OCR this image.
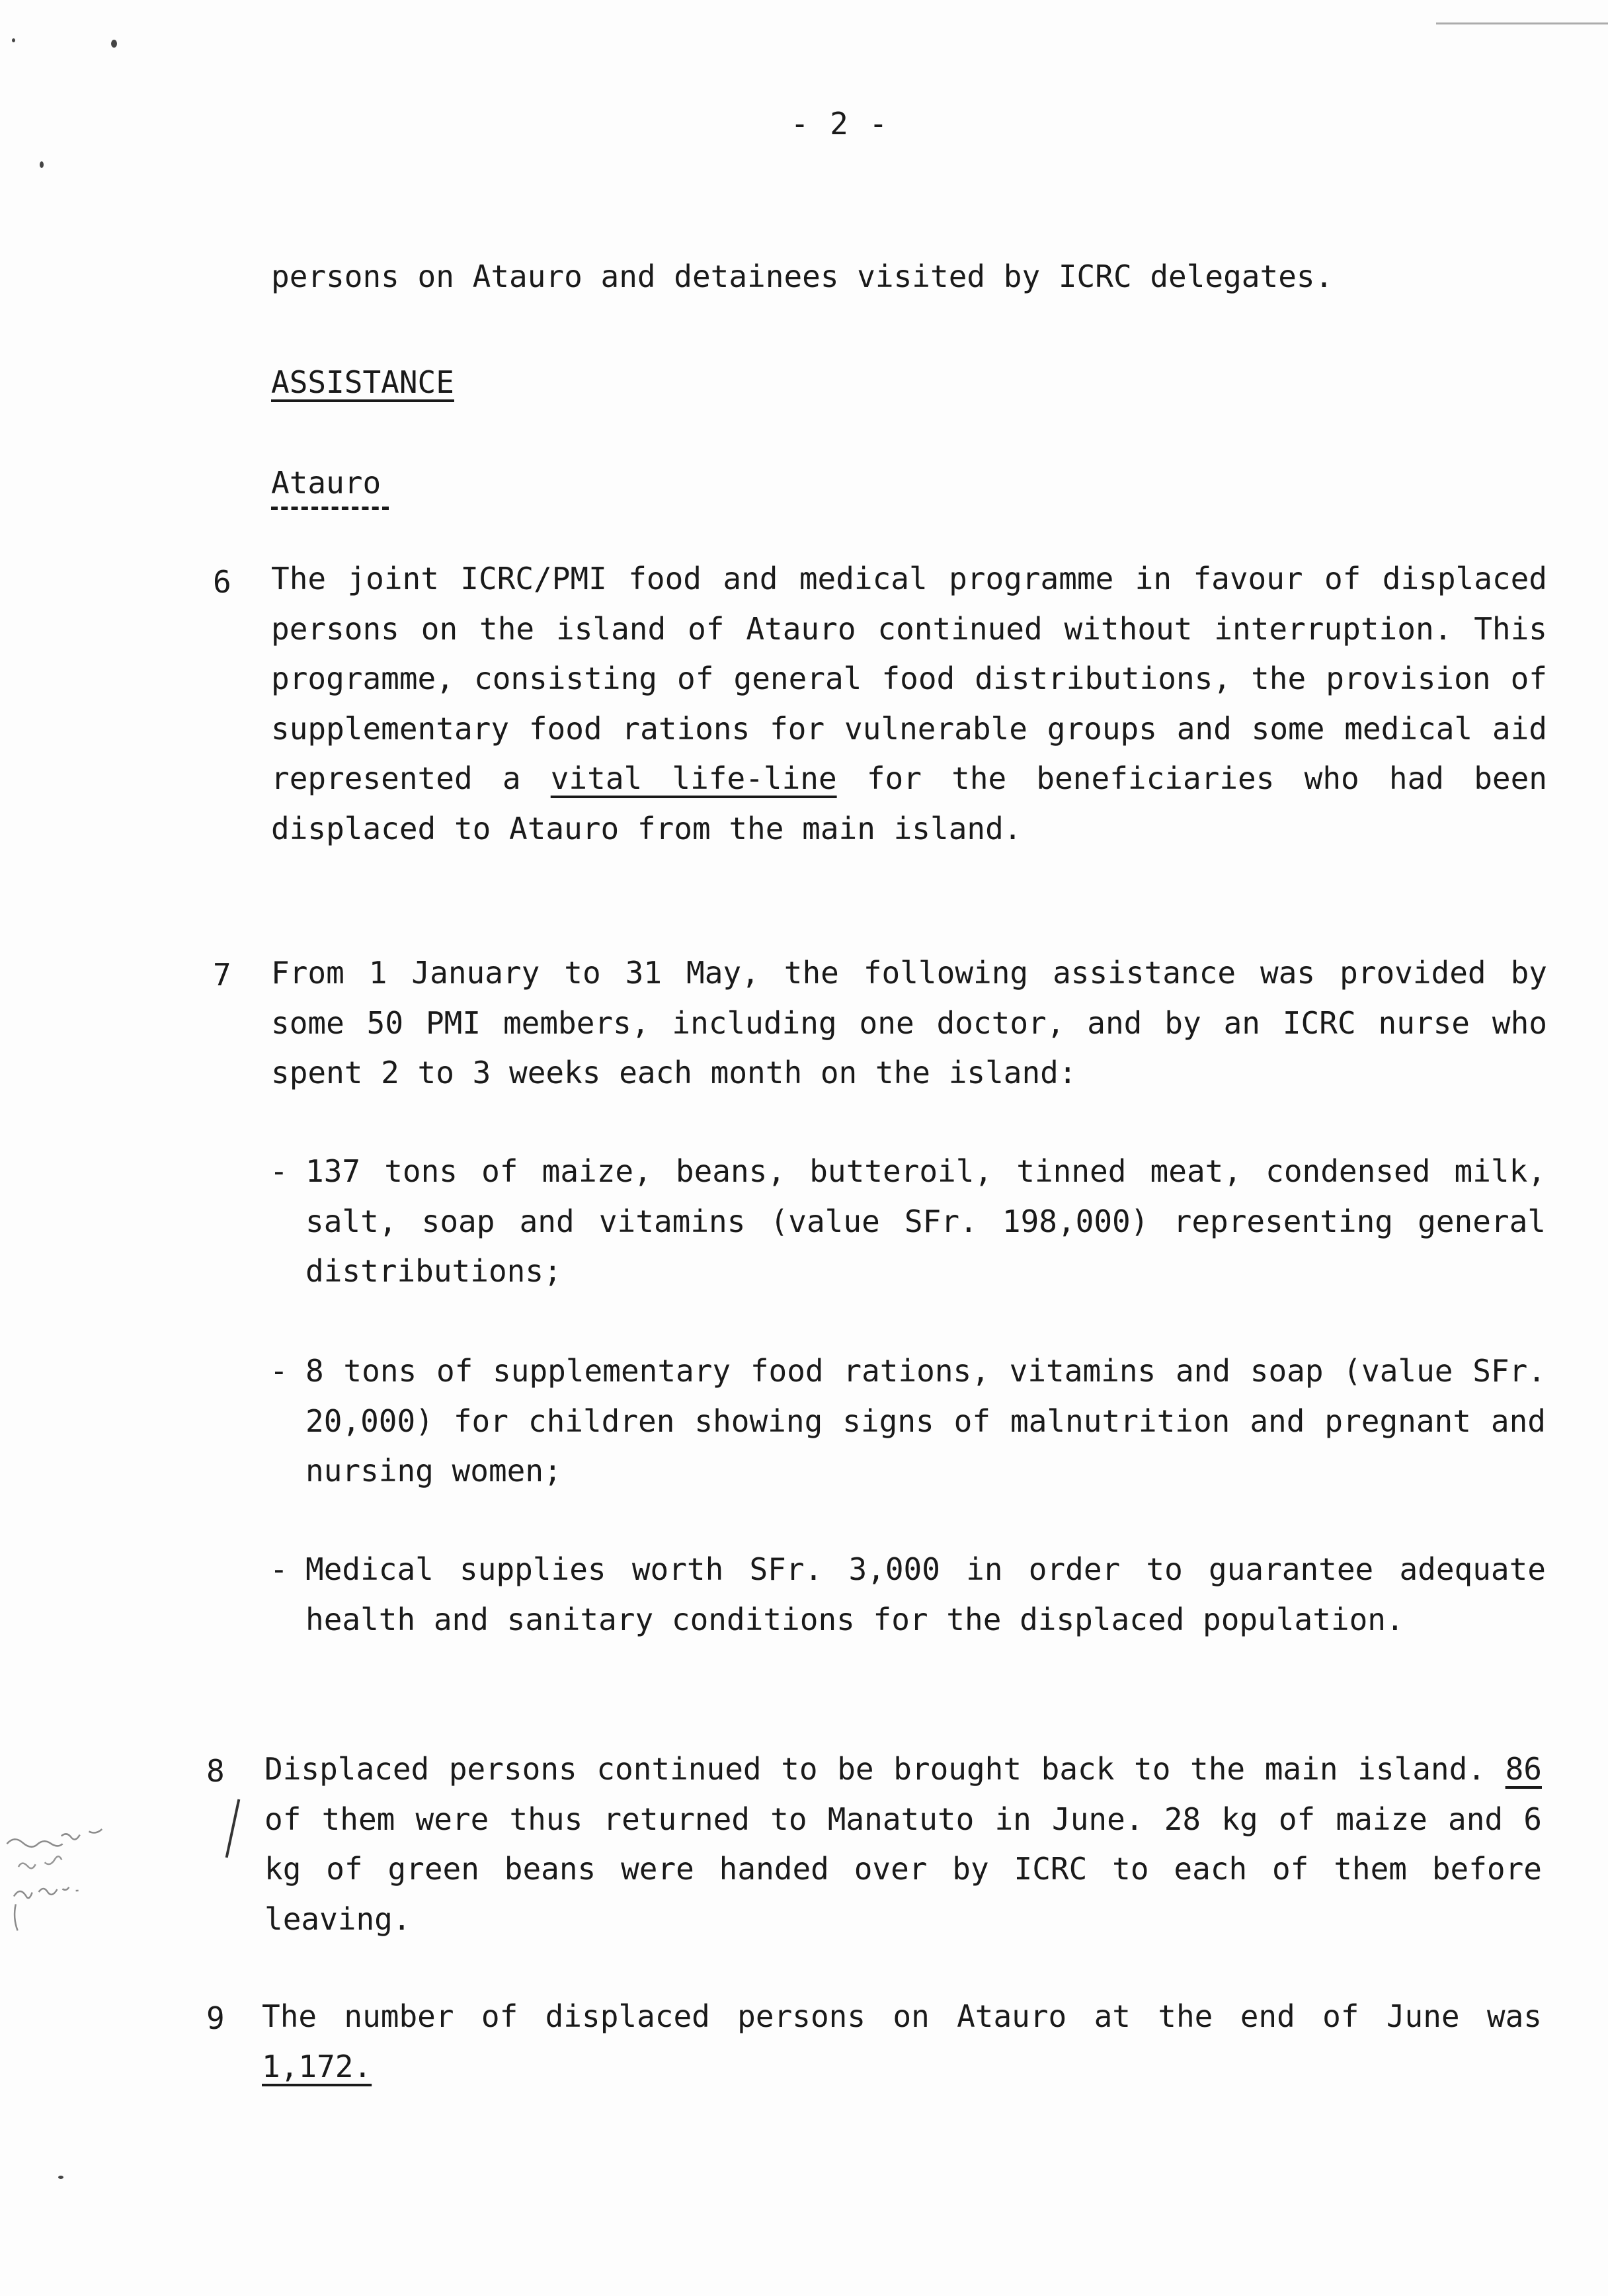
- 2 -
persons on Atauro and detainees visited by ICRC delegates.
ASSISTANCE
Atauro
6 The joint ICRC/PMI food and medical programme in favour of displaced persons on the island of Atauro continued without interruption. This programme, consisting of general food distributions, the provision of supplementary food rations for vulnerable groups and some medical aid represented a vital life-line for the beneficiaries who had been displaced to Atauro from the main island.
7 From 1 January to 31 May, the following assistance was provided by some 50 PMI members, including one doctor, and by an ICRC nurse who spent 2 to 3 weeks each month on the island:
- 137 tons of maize, beans, butteroil, tinned meat, condensed milk, salt, soap and vitamins (value SFr. 198,000) representing general distributions;
- 8 tons of supplementary food rations, vitamins and soap (value SFr. 20,000) for children showing signs of malnutrition and pregnant and nursing women;
- Medical supplies worth SFr. 3,000 in order to guarantee adequate health and sanitary conditions for the displaced population.
8 Displaced persons continued to be brought back to the main island. 86 of them were thus returned to Manatuto in June. 28 kg of maize and 6 kg of green beans were handed over by ICRC to each of them before leaving.
9 The number of displaced persons on Atauro at the end of June was 1,172.
